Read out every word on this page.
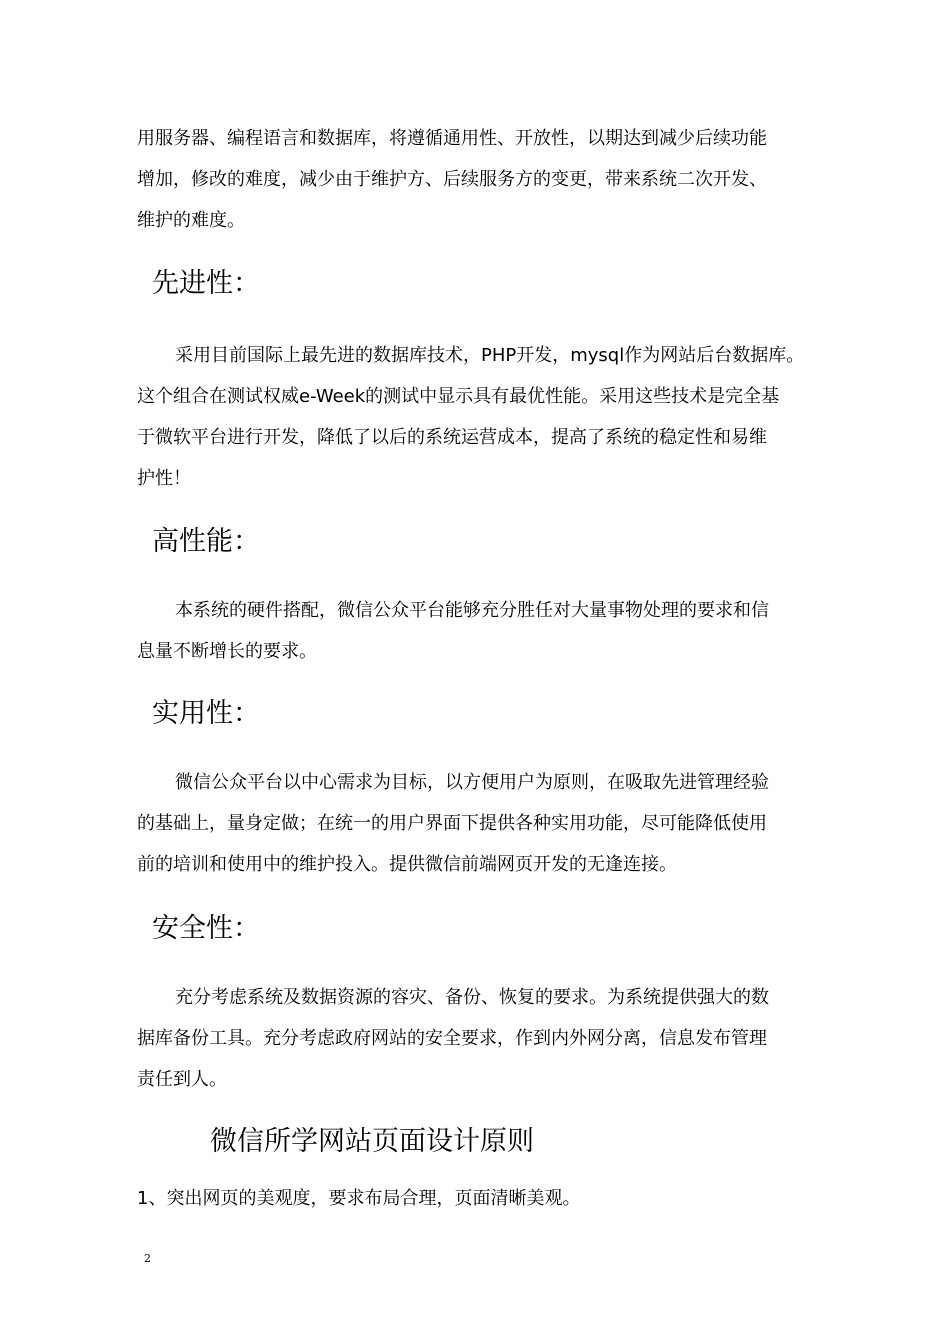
用服务器、编程语言和数据库，将遵循通用性、开放性，以期达到减少后续功能
增加，修改的难度，减少由于维护方、后续服务方的变更，带来系统二次开发、
维护的难度。

先进性：

采用目前国际上最先进的数据库技术，PHP开发，mysql作为网站后台数据库。
这个组合在测试权威e-Week的测试中显示具有最优性能。采用这些技术是完全基
于微软平台进行开发，降低了以后的系统运营成本，提高了系统的稳定性和易维
护性！

高性能：

本系统的硬件搭配，微信公众平台能够充分胜任对大量事物处理的要求和信
息量不断增长的要求。

实用性：

微信公众平台以中心需求为目标，以方便用户为原则，在吸取先进管理经验
的基础上，量身定做；在统一的用户界面下提供各种实用功能，尽可能降低使用
前的培训和使用中的维护投入。提供微信前端网页开发的无逢连接。

安全性：

充分考虑系统及数据资源的容灾、备份、恢复的要求。为系统提供强大的数
据库备份工具。充分考虑政府网站的安全要求，作到内外网分离，信息发布管理
责任到人。

微信所学网站页面设计原则

1、突出网页的美观度，要求布局合理，页面清晰美观。

2
